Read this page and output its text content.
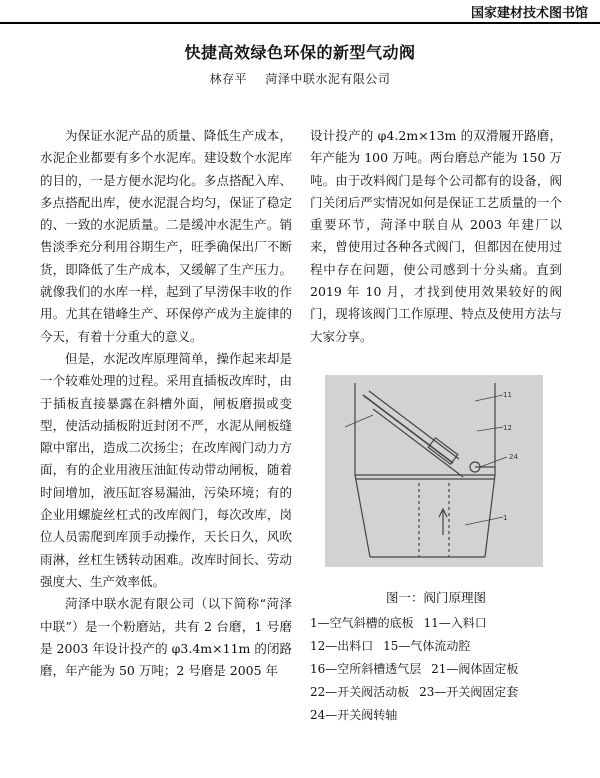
国家建材技术图书馆
快捷高效绿色环保的新型气动阀
林存平 菏泽中联水泥有限公司

为保证水泥产品的质量、降低生产成本，水泥企业都要有多个水泥库。建设数个水泥库的目的，一是方便水泥均化。多点搭配入库、多点搭配出库，使水泥混合均匀，保证了稳定的、一致的水泥质量。二是缓冲水泥生产。销售淡季充分利用谷期生产，旺季确保出厂不断货，即降低了生产成本，又缓解了生产压力。就像我们的水库一样，起到了早涝保丰收的作用。尤其在错峰生产、环保停产成为主旋律的今天，有着十分重大的意义。

但是，水泥改库原理简单，操作起来却是一个较难处理的过程。采用直插板改库时，由于插板直接暴露在斜槽外面，闸板磨损或变型，使活动插板附近封闭不严，水泥从闸板缝隙中窜出，造成二次扬尘；在改库阀门动力方面，有的企业用液压油缸传动带动闸板，随着时间增加，液压缸容易漏油，污染环境；有的企业用螺旋丝杠式的改库阀门，每次改库，岗位人员需爬到库顶手动操作，天长日久，风吹雨淋，丝杠生锈转动困难。改库时间长、劳动强度大、生产效率低。

菏泽中联水泥有限公司（以下简称“菏泽中联”）是一个粉磨站，共有 2 台磨，1 号磨是 2003 年设计投产的 φ3.4m×11m 的闭路磨，年产能为 50 万吨；2 号磨是 2005 年

设计投产的 φ4.2m×13m 的双滑履开路磨，年产能为 100 万吨。两台磨总产能为 150 万吨。由于改料阀门是每个公司都有的设备，阀门关闭后严实情况如何是保证工艺质量的一个重要环节，菏泽中联自从 2003 年建厂以来，曾使用过各种各式阀门，但都因在使用过程中存在问题，使公司感到十分头痛。直到 2019 年 10 月，才找到使用效果较好的阀门，现将该阀门工作原理、特点及使用方法与大家分享。

11
12
24
1
图一：阀门原理图
1—空气斜槽的底板 11—入料口 12—出料口 15—气体流动腔 16—空所斜槽透气层 21—阀体固定板 22—开关阀活动板 23—开关阀固定套 24—开关阀转轴
